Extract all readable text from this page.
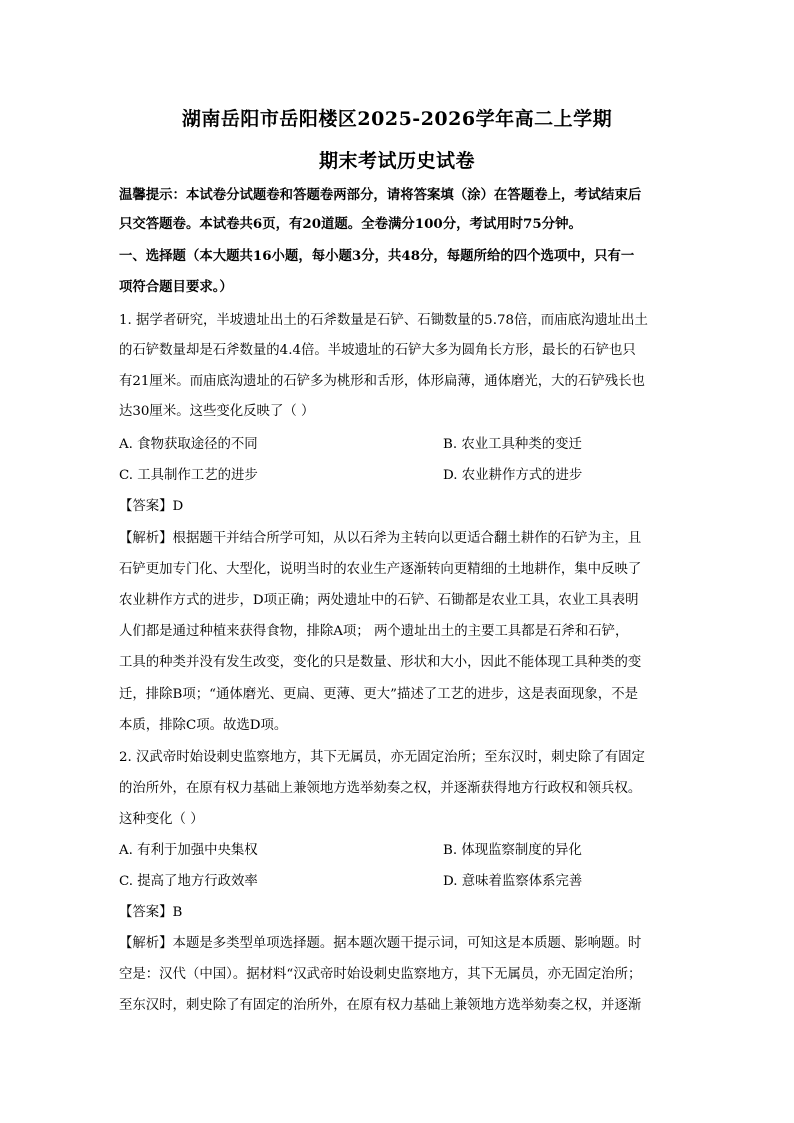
湖南岳阳市岳阳楼区2025-2026学年高二上学期
期末考试历史试卷
温馨提示：本试卷分试题卷和答题卷两部分，请将答案填（涂）在答题卷上，考试结束后
只交答题卷。本试卷共6页，有20道题。全卷满分100分，考试用时75分钟。
一、选择题（本大题共16小题，每小题3分，共48分，每题所给的四个选项中，只有一
项符合题目要求。）
1. 据学者研究，半坡遗址出土的石斧数量是石铲、石锄数量的5.78倍，而庙底沟遗址出土
的石铲数量却是石斧数量的4.4倍。半坡遗址的石铲大多为圆角长方形，最长的石铲也只
有21厘米。而庙底沟遗址的石铲多为桃形和舌形，体形扁薄，通体磨光，大的石铲残长也
达30厘米。这些变化反映了（ ）
A. 食物获取途径的不同	B. 农业工具种类的变迁
C. 工具制作工艺的进步	D. 农业耕作方式的进步
【答案】D
【解析】根据题干并结合所学可知，从以石斧为主转向以更适合翻土耕作的石铲为主，且
石铲更加专门化、大型化，说明当时的农业生产逐渐转向更精细的土地耕作，集中反映了
农业耕作方式的进步，D项正确；两处遗址中的石铲、石锄都是农业工具，农业工具表明
人们都是通过种植来获得食物，排除A项； 两个遗址出土的主要工具都是石斧和石铲，
工具的种类并没有发生改变，变化的只是数量、形状和大小，因此不能体现工具种类的变
迁，排除B项；“通体磨光、更扁、更薄、更大”描述了工艺的进步，这是表面现象，不是
本质，排除C项。故选D项。
2. 汉武帝时始设刺史监察地方，其下无属员，亦无固定治所；至东汉时，刺史除了有固定
的治所外，在原有权力基础上兼领地方选举劾奏之权，并逐渐获得地方行政权和领兵权。
这种变化（ ）
A. 有利于加强中央集权	B. 体现监察制度的异化
C. 提高了地方行政效率	D. 意味着监察体系完善
【答案】B
【解析】本题是多类型单项选择题。据本题次题干提示词，可知这是本质题、影响题。时
空是：汉代（中国）。据材料“汉武帝时始设刺史监察地方，其下无属员，亦无固定治所；
至东汉时，刺史除了有固定的治所外，在原有权力基础上兼领地方选举劾奏之权，并逐渐
